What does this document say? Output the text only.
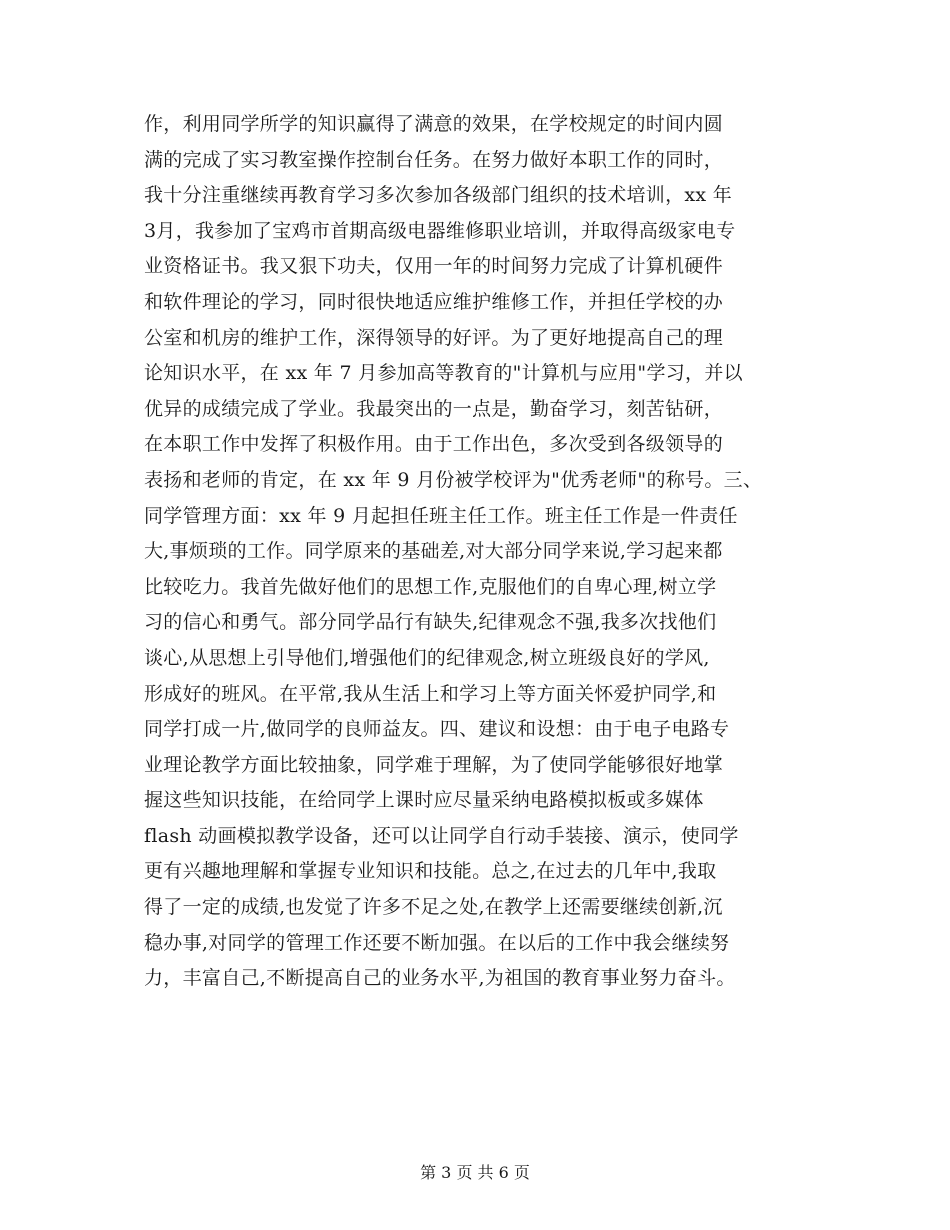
作，利用同学所学的知识赢得了满意的效果，在学校规定的时间内圆
满的完成了实习教室操作控制台任务。在努力做好本职工作的同时，
我十分注重继续再教育学习多次参加各级部门组织的技术培训，xx 年
3月，我参加了宝鸡市首期高级电器维修职业培训，并取得高级家电专
业资格证书。我又狠下功夫，仅用一年的时间努力完成了计算机硬件
和软件理论的学习，同时很快地适应维护维修工作，并担任学校的办
公室和机房的维护工作，深得领导的好评。为了更好地提高自己的理
论知识水平，在 xx 年 7 月参加高等教育的"计算机与应用"学习，并以
优异的成绩完成了学业。我最突出的一点是，勤奋学习，刻苦钻研，
在本职工作中发挥了积极作用。由于工作出色，多次受到各级领导的
表扬和老师的肯定，在 xx 年 9 月份被学校评为"优秀老师"的称号。三、
同学管理方面：xx 年 9 月起担任班主任工作。班主任工作是一件责任
大,事烦琐的工作。同学原来的基础差,对大部分同学来说,学习起来都
比较吃力。我首先做好他们的思想工作,克服他们的自卑心理,树立学
习的信心和勇气。部分同学品行有缺失,纪律观念不强,我多次找他们
谈心,从思想上引导他们,增强他们的纪律观念,树立班级良好的学风,
形成好的班风。在平常,我从生活上和学习上等方面关怀爱护同学,和
同学打成一片,做同学的良师益友。四、建议和设想：由于电子电路专
业理论教学方面比较抽象，同学难于理解，为了使同学能够很好地掌
握这些知识技能，在给同学上课时应尽量采纳电路模拟板或多媒体
flash 动画模拟教学设备，还可以让同学自行动手装接、演示，使同学
更有兴趣地理解和掌握专业知识和技能。总之,在过去的几年中,我取
得了一定的成绩,也发觉了许多不足之处,在教学上还需要继续创新,沉
稳办事,对同学的管理工作还要不断加强。在以后的工作中我会继续努
力，丰富自己,不断提高自己的业务水平,为祖国的教育事业努力奋斗。
第 3 页 共 6 页
